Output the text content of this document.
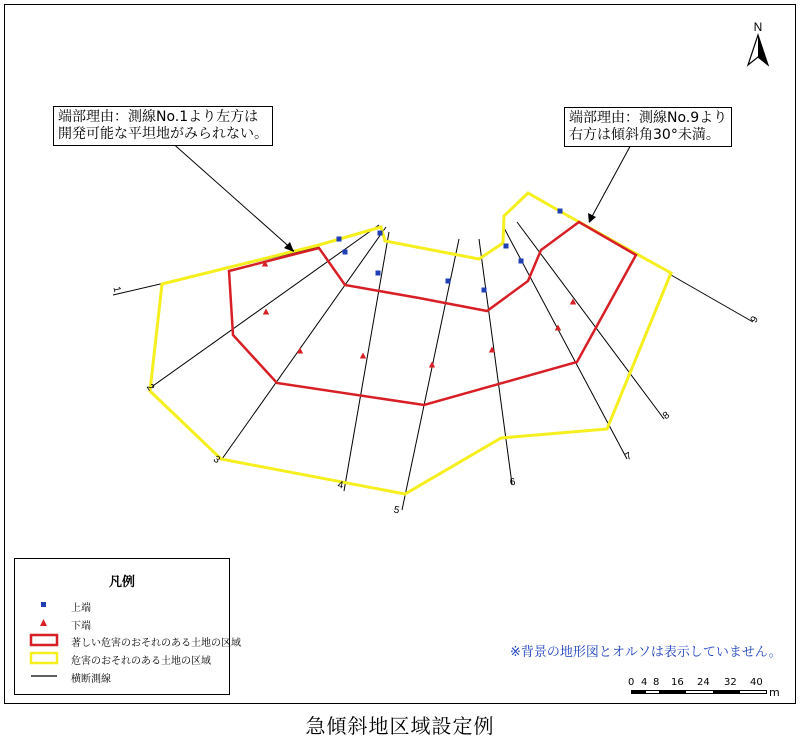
1
2
3
4
5
6
7
8
9
N
端部理由：測線No.1より左方は
開発可能な平坦地がみられない。
端部理由：測線No.9より
右方は傾斜角30°未満。
凡例
上端
下端
著しい危害のおそれのある土地の区域
危害のおそれのある土地の区域
横断測線
※背景の地形図とオルソは表示していません。
0 4 8 16 24 32 40
m
急傾斜地区域設定例
